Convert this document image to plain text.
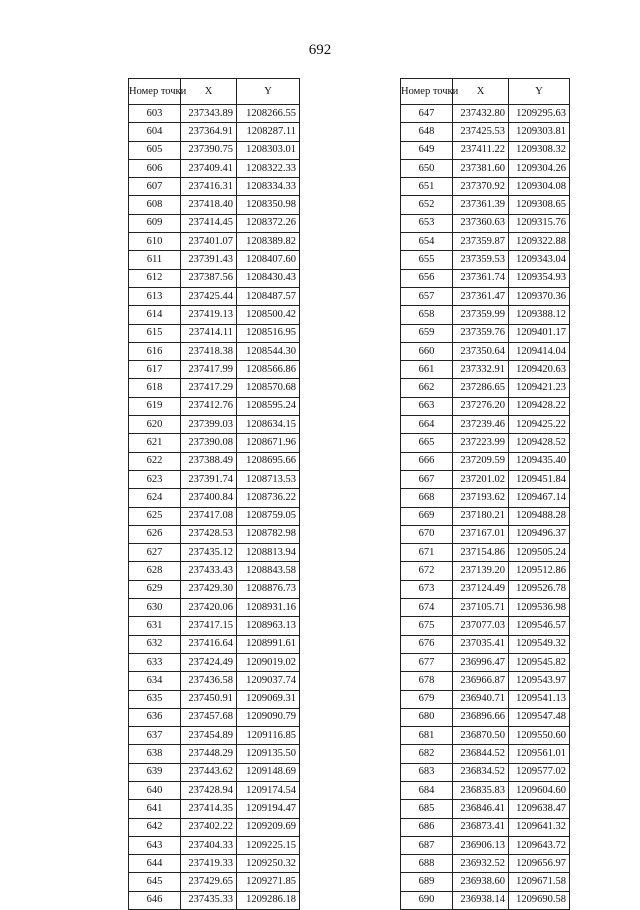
692
Номер точки	X	Y
603	237343.89	1208266.55
604	237364.91	1208287.11
605	237390.75	1208303.01
606	237409.41	1208322.33
607	237416.31	1208334.33
608	237418.40	1208350.98
609	237414.45	1208372.26
610	237401.07	1208389.82
611	237391.43	1208407.60
612	237387.56	1208430.43
613	237425.44	1208487.57
614	237419.13	1208500.42
615	237414.11	1208516.95
616	237418.38	1208544.30
617	237417.99	1208566.86
618	237417.29	1208570.68
619	237412.76	1208595.24
620	237399.03	1208634.15
621	237390.08	1208671.96
622	237388.49	1208695.66
623	237391.74	1208713.53
624	237400.84	1208736.22
625	237417.08	1208759.05
626	237428.53	1208782.98
627	237435.12	1208813.94
628	237433.43	1208843.58
629	237429.30	1208876.73
630	237420.06	1208931.16
631	237417.15	1208963.13
632	237416.64	1208991.61
633	237424.49	1209019.02
634	237436.58	1209037.74
635	237450.91	1209069.31
636	237457.68	1209090.79
637	237454.89	1209116.85
638	237448.29	1209135.50
639	237443.62	1209148.69
640	237428.94	1209174.54
641	237414.35	1209194.47
642	237402.22	1209209.69
643	237404.33	1209225.15
644	237419.33	1209250.32
645	237429.65	1209271.85
646	237435.33	1209286.18
Номер точки	X	Y
647	237432.80	1209295.63
648	237425.53	1209303.81
649	237411.22	1209308.32
650	237381.60	1209304.26
651	237370.92	1209304.08
652	237361.39	1209308.65
653	237360.63	1209315.76
654	237359.87	1209322.88
655	237359.53	1209343.04
656	237361.74	1209354.93
657	237361.47	1209370.36
658	237359.99	1209388.12
659	237359.76	1209401.17
660	237350.64	1209414.04
661	237332.91	1209420.63
662	237286.65	1209421.23
663	237276.20	1209428.22
664	237239.46	1209425.22
665	237223.99	1209428.52
666	237209.59	1209435.40
667	237201.02	1209451.84
668	237193.62	1209467.14
669	237180.21	1209488.28
670	237167.01	1209496.37
671	237154.86	1209505.24
672	237139.20	1209512.86
673	237124.49	1209526.78
674	237105.71	1209536.98
675	237077.03	1209546.57
676	237035.41	1209549.32
677	236996.47	1209545.82
678	236966.87	1209543.97
679	236940.71	1209541.13
680	236896.66	1209547.48
681	236870.50	1209550.60
682	236844.52	1209561.01
683	236834.52	1209577.02
684	236835.83	1209604.60
685	236846.41	1209638.47
686	236873.41	1209641.32
687	236906.13	1209643.72
688	236932.52	1209656.97
689	236938.60	1209671.58
690	236938.14	1209690.58
